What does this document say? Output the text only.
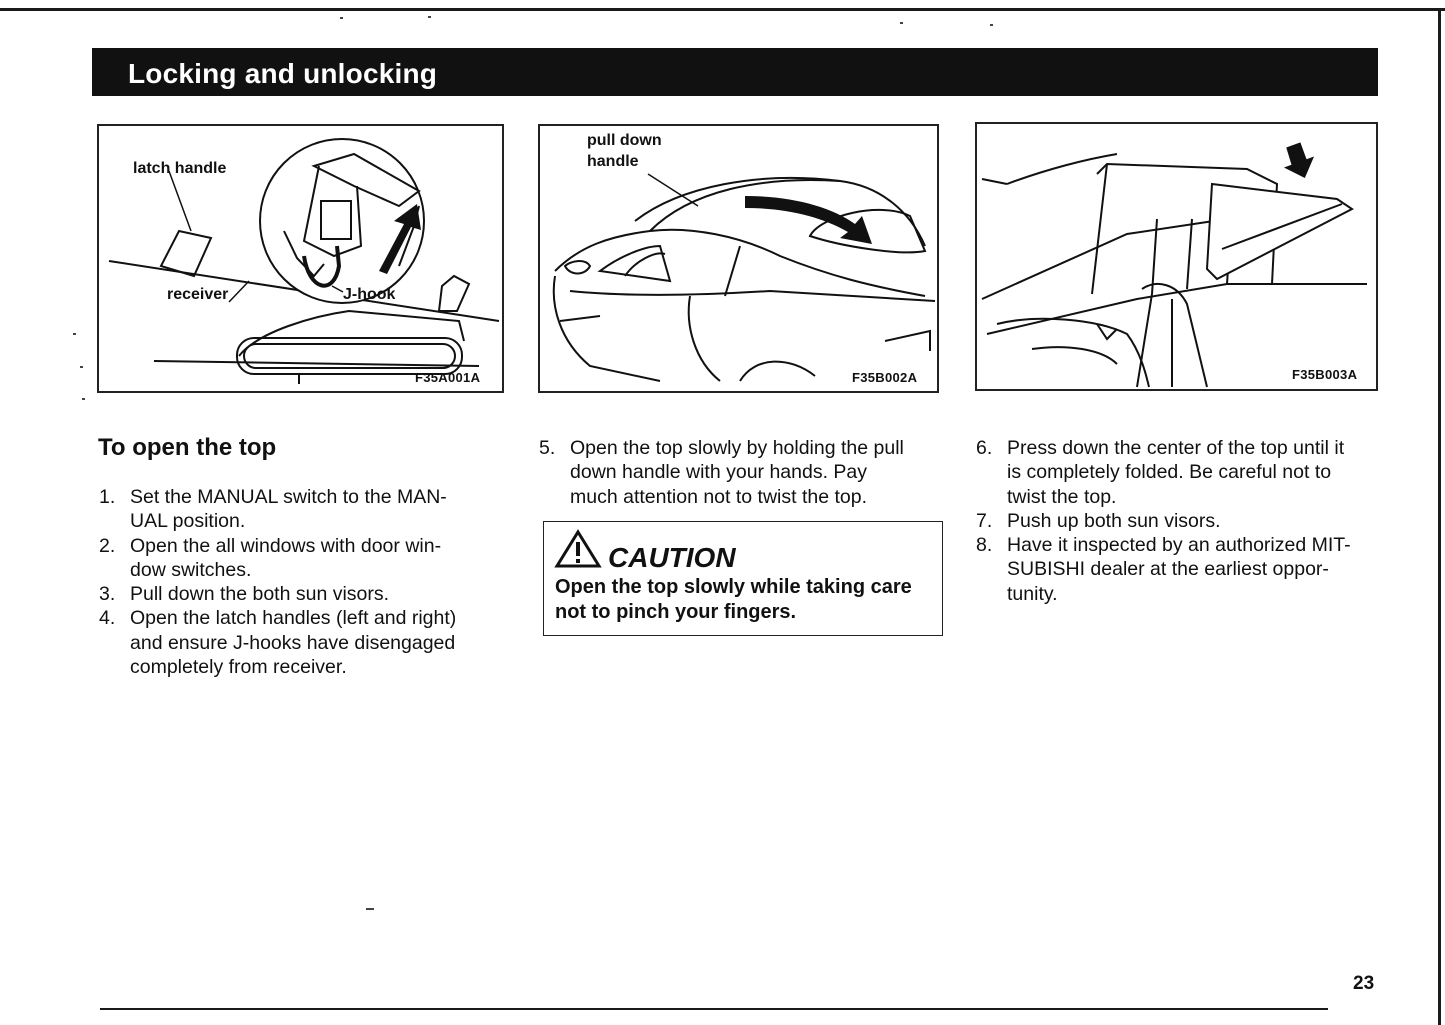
Locking and unlocking
latch handle
receiver	J-hook
F35A001A
pull down
handle
F35B002A	F35B003A
To open the top
1. Set the MANUAL switch to the MAN-
UAL position.
2. Open the all windows with door win-
dow switches.
3. Pull down the both sun visors.
4. Open the latch handles (left and right)
and ensure J-hooks have disengaged
completely from receiver.
5. Open the top slowly by holding the pull
down handle with your hands. Pay
much attention not to twist the top.
CAUTION
Open the top slowly while taking care not to pinch your fingers.
6. Press down the center of the top until it
is completely folded. Be careful not to
twist the top.
7. Push up both sun visors.
8. Have it inspected by an authorized MIT-
SUBISHI dealer at the earliest oppor-
tunity.
23
